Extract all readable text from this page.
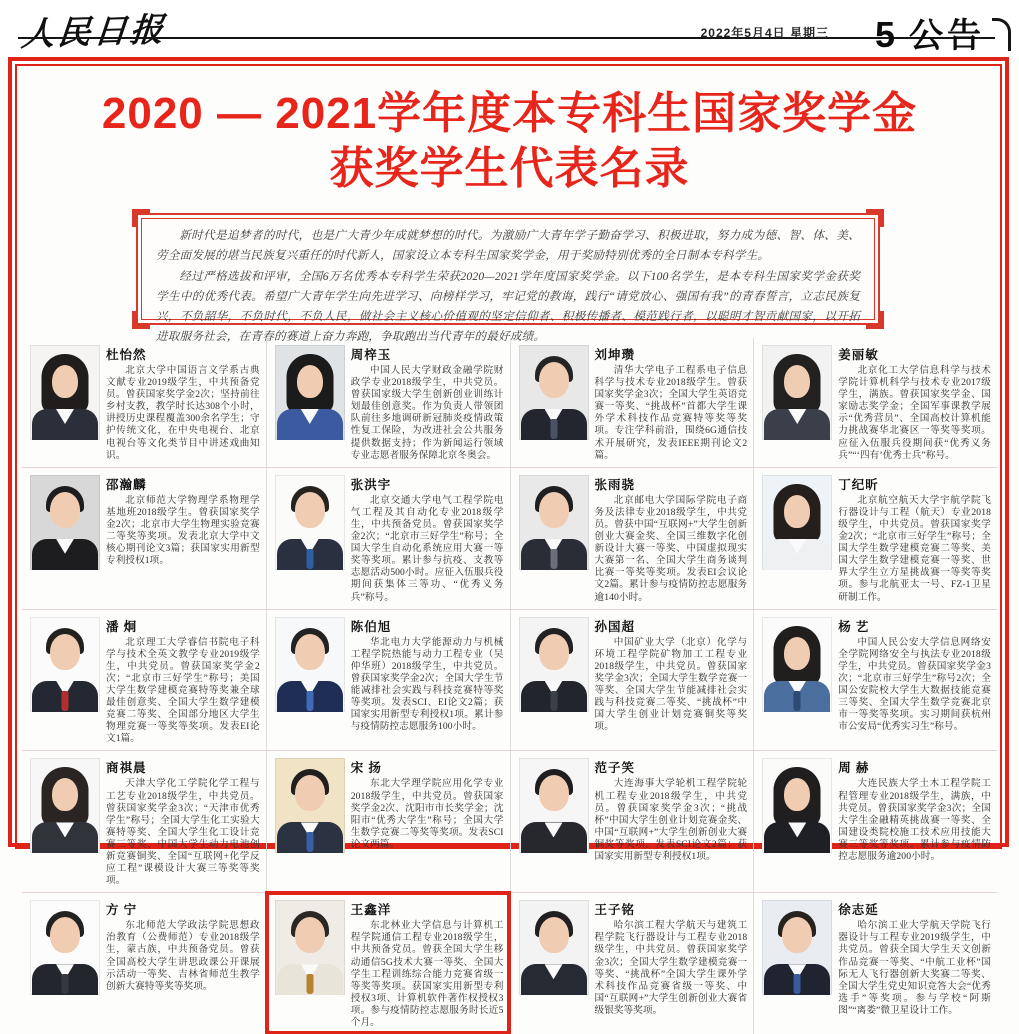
人民日报	2022年5月4日 星期三 5 公告
2020 — 2021学年度本专科生国家奖学金
获奖学生代表名录

新时代是追梦者的时代，也是广大青少年成就梦想的时代。为激励广大青年学子勤奋学习、积极进取，努力成为德、智、体、美、劳全面发展的堪当民族复兴重任的时代新人，国家设立本专科生国家奖学金，用于奖励特别优秀的全日制本专科学生。

经过严格选拔和评审，全国6万名优秀本专科学生荣获2020—2021学年度国家奖学金。以下100名学生，是本专科生国家奖学金获奖学生中的优秀代表。希望广大青年学生向先进学习、向榜样学习，牢记党的教诲，践行“请党放心、强国有我”的青春誓言，立志民族复兴，不负韶华，不负时代，不负人民，做社会主义核心价值观的坚定信仰者、积极传播者、模范践行者，以聪明才智贡献国家，以开拓进取服务社会，在青春的赛道上奋力奔跑，争取跑出当代青年的最好成绩。

杜怡然

北京大学中国语言文学系古典文献专业2019级学生，中共预备党员。曾获国家奖学金2次；坚持前往乡村支教，教学时长达308个小时，讲授历史课程覆盖300余名学生；守护传统文化，在中央电视台、北京电视台等文化类节目中讲述戏曲知识。

周梓玉

中国人民大学财政金融学院财政学专业2018级学生，中共党员。曾获国家级大学生创新创业训练计划最佳创意奖。作为负责人带领团队前往多地调研新冠肺炎疫情政策性复工保险，为改进社会公共服务提供数据支持；作为新闻运行领域专业志愿者服务保障北京冬奥会。

刘坤瓒

清华大学电子工程系电子信息科学与技术专业2018级学生。曾获国家奖学金3次；全国大学生英语竞赛一等奖、“挑战杯”首都大学生课外学术科技作品竞赛特等奖等奖项。专注学科前沿，围绕6G通信技术开展研究，发表IEEE期刊论文2篇。

姜丽敏

北京化工大学信息科学与技术学院计算机科学与技术专业2017级学生，满族。曾获国家奖学金、国家励志奖学金；全国军事课教学展示“优秀营员”、全国高校计算机能力挑战赛华北赛区一等奖等奖项。应征入伍服兵役期间获“优秀义务兵”“‘四有’优秀士兵”称号。

邵瀚麟

北京师范大学物理学系物理学基地班2018级学生。曾获国家奖学金2次；北京市大学生物理实验竞赛二等奖等奖项。发表北京大学中文核心期刊论文3篇；获国家实用新型专利授权1项。

张洪宇

北京交通大学电气工程学院电气工程及其自动化专业2018级学生，中共预备党员。曾获国家奖学金2次；“北京市三好学生”称号；全国大学生自动化系统应用大赛一等奖等奖项。累计参与抗疫、支教等志愿活动500小时。应征入伍服兵役期间获集体三等功、“优秀义务兵”称号。

张雨骁

北京邮电大学国际学院电子商务及法律专业2018级学生，中共党员。曾获中国“互联网+”大学生创新创业大赛金奖、全国三维数字化创新设计大赛一等奖、中国虚拟现实大赛第一名、全国大学生商务谈判比赛一等奖等奖项。发表EI会议论文2篇。累计参与疫情防控志愿服务逾140小时。

丁纪昕

北京航空航天大学宇航学院飞行器设计与工程（航天）专业2018级学生，中共党员。曾获国家奖学金2次；“北京市三好学生”称号；全国大学生数学建模竞赛二等奖、美国大学生数学建模竞赛一等奖、世界大学生立方星挑战赛一等奖等奖项。参与北航亚太一号、FZ-1卫星研制工作。

潘 炯

北京理工大学睿信书院电子科学与技术全英文教学专业2019级学生，中共党员。曾获国家奖学金2次；“北京市三好学生”称号；美国大学生数学建模竞赛特等奖兼全球最佳创意奖、全国大学生数学建模竞赛二等奖、全国部分地区大学生物理竞赛一等奖等奖项。发表EI论文1篇。

陈伯旭

华北电力大学能源动力与机械工程学院热能与动力工程专业（吴仲华班）2018级学生，中共党员。曾获国家奖学金2次；全国大学生节能减排社会实践与科技竞赛特等奖等奖项。发表SCI、EI论文2篇；获国家实用新型专利授权1项。累计参与疫情防控志愿服务100小时。

孙国超

中国矿业大学（北京）化学与环境工程学院矿物加工工程专业2018级学生，中共党员。曾获国家奖学金3次；全国大学生数学竞赛一等奖、全国大学生节能减排社会实践与科技竞赛二等奖、“挑战杯”中国大学生创业计划竞赛铜奖等奖项。

杨 艺

中国人民公安大学信息网络安全学院网络安全与执法专业2018级学生，中共党员。曾获国家奖学金3次；“北京市三好学生”称号2次；全国公安院校大学生大数据技能竞赛三等奖、全国大学生数学竞赛北京市一等奖等奖项。实习期间获杭州市公安局“优秀实习生”称号。

商祺晨

天津大学化工学院化学工程与工艺专业2018级学生，中共党员。曾获国家奖学金3次；“天津市优秀学生”称号；全国大学生化工实验大赛特等奖、全国大学生化工设计竞赛三等奖、中国大学生动力电池创新竞赛铜奖、全国“互联网+化学反应工程”课模设计大赛三等奖等奖项。

宋 扬

东北大学理学院应用化学专业2018级学生，中共党员。曾获国家奖学金2次、沈阳市市长奖学金；沈阳市“优秀大学生”称号；全国大学生数学竞赛二等奖等奖项。发表SCI论文两篇。

范子笑

大连海事大学轮机工程学院轮机工程专业2018级学生，中共党员。曾获国家奖学金3次；“挑战杯”中国大学生创业计划竞赛金奖、中国“互联网+”大学生创新创业大赛铜奖等奖项。发表SCI论文2篇；获国家实用新型专利授权1项。

周 赫

大连民族大学土木工程学院工程管理专业2018级学生，满族，中共党员。曾获国家奖学金3次；全国大学生金融精英挑战赛一等奖、全国建设类院校施工技术应用技能大赛三等奖等奖项。累计参与疫情防控志愿服务逾200小时。

方 宁

东北师范大学政法学院思想政治教育（公费师范）专业2018级学生，蒙古族，中共预备党员。曾获全国高校大学生讲思政课公开课展示活动一等奖、吉林省师范生教学创新大赛特等奖等奖项。

王鑫洋

东北林业大学信息与计算机工程学院通信工程专业2018级学生，中共预备党员。曾获全国大学生移动通信5G技术大赛一等奖、全国大学生工程训练综合能力竞赛省级一等奖等奖项。获国家实用新型专利授权3项、计算机软件著作权授权3项。参与疫情防控志愿服务时长近5个月。

王子铭

哈尔滨工程大学航天与建筑工程学院飞行器设计与工程专业2018级学生，中共党员。曾获国家奖学金3次；全国大学生数学建模竞赛一等奖、“挑战杯”全国大学生课外学术科技作品竞赛省级一等奖、中国“互联网+”大学生创新创业大赛省级银奖等奖项。

徐志延

哈尔滨工业大学航天学院飞行器设计与工程专业2019级学生，中共党员。曾获全国大学生天文创新作品竞赛一等奖、“中航工业杯”国际无人飞行器创新大奖赛二等奖、全国大学生党史知识竞答大会“优秀选手”等奖项。参与学校“阿斯图”“离娄”微卫星设计工作。
